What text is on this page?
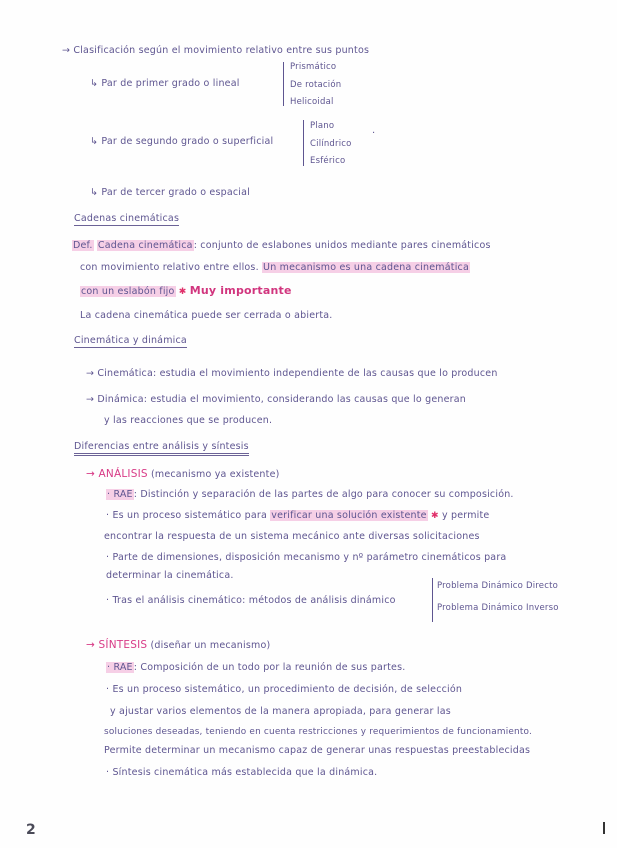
→ Clasificación según el movimiento relativo entre sus puntos
↳ Par de primer grado o lineal
Prismático
De rotación
Helicoidal
↳ Par de segundo grado o superficial
Plano
Cilíndrico
Esférico
·
↳ Par de tercer grado o espacial
Cadenas cinemáticas
Def. Cadena cinemática: conjunto de eslabones unidos mediante pares cinemáticos
con movimiento relativo entre ellos. Un mecanismo es una cadena cinemática
con un eslabón fijo ✱ Muy importante
La cadena cinemática puede ser cerrada o abierta.
Cinemática y dinámica
→ Cinemática: estudia el movimiento independiente de las causas que lo producen
→ Dinámica: estudia el movimiento, considerando las causas que lo generan
y las reacciones que se producen.
Diferencias entre análisis y síntesis
→ ANÁLISIS (mecanismo ya existente)
· RAE: Distinción y separación de las partes de algo para conocer su composición.
· Es un proceso sistemático para verificar una solución existente ✱ y permite
encontrar la respuesta de un sistema mecánico ante diversas solicitaciones
· Parte de dimensiones, disposición mecanismo y nº parámetro cinemáticos para
determinar la cinemática.
· Tras el análisis cinemático: métodos de análisis dinámico
Problema Dinámico Directo
Problema Dinámico Inverso
→ SÍNTESIS (diseñar un mecanismo)
· RAE: Composición de un todo por la reunión de sus partes.
· Es un proceso sistemático, un procedimiento de decisión, de selección
y ajustar varios elementos de la manera apropiada, para generar las
soluciones deseadas, teniendo en cuenta restricciones y requerimientos de funcionamiento.
Permite determinar un mecanismo capaz de generar unas respuestas preestablecidas
· Síntesis cinemática más establecida que la dinámica.
2
